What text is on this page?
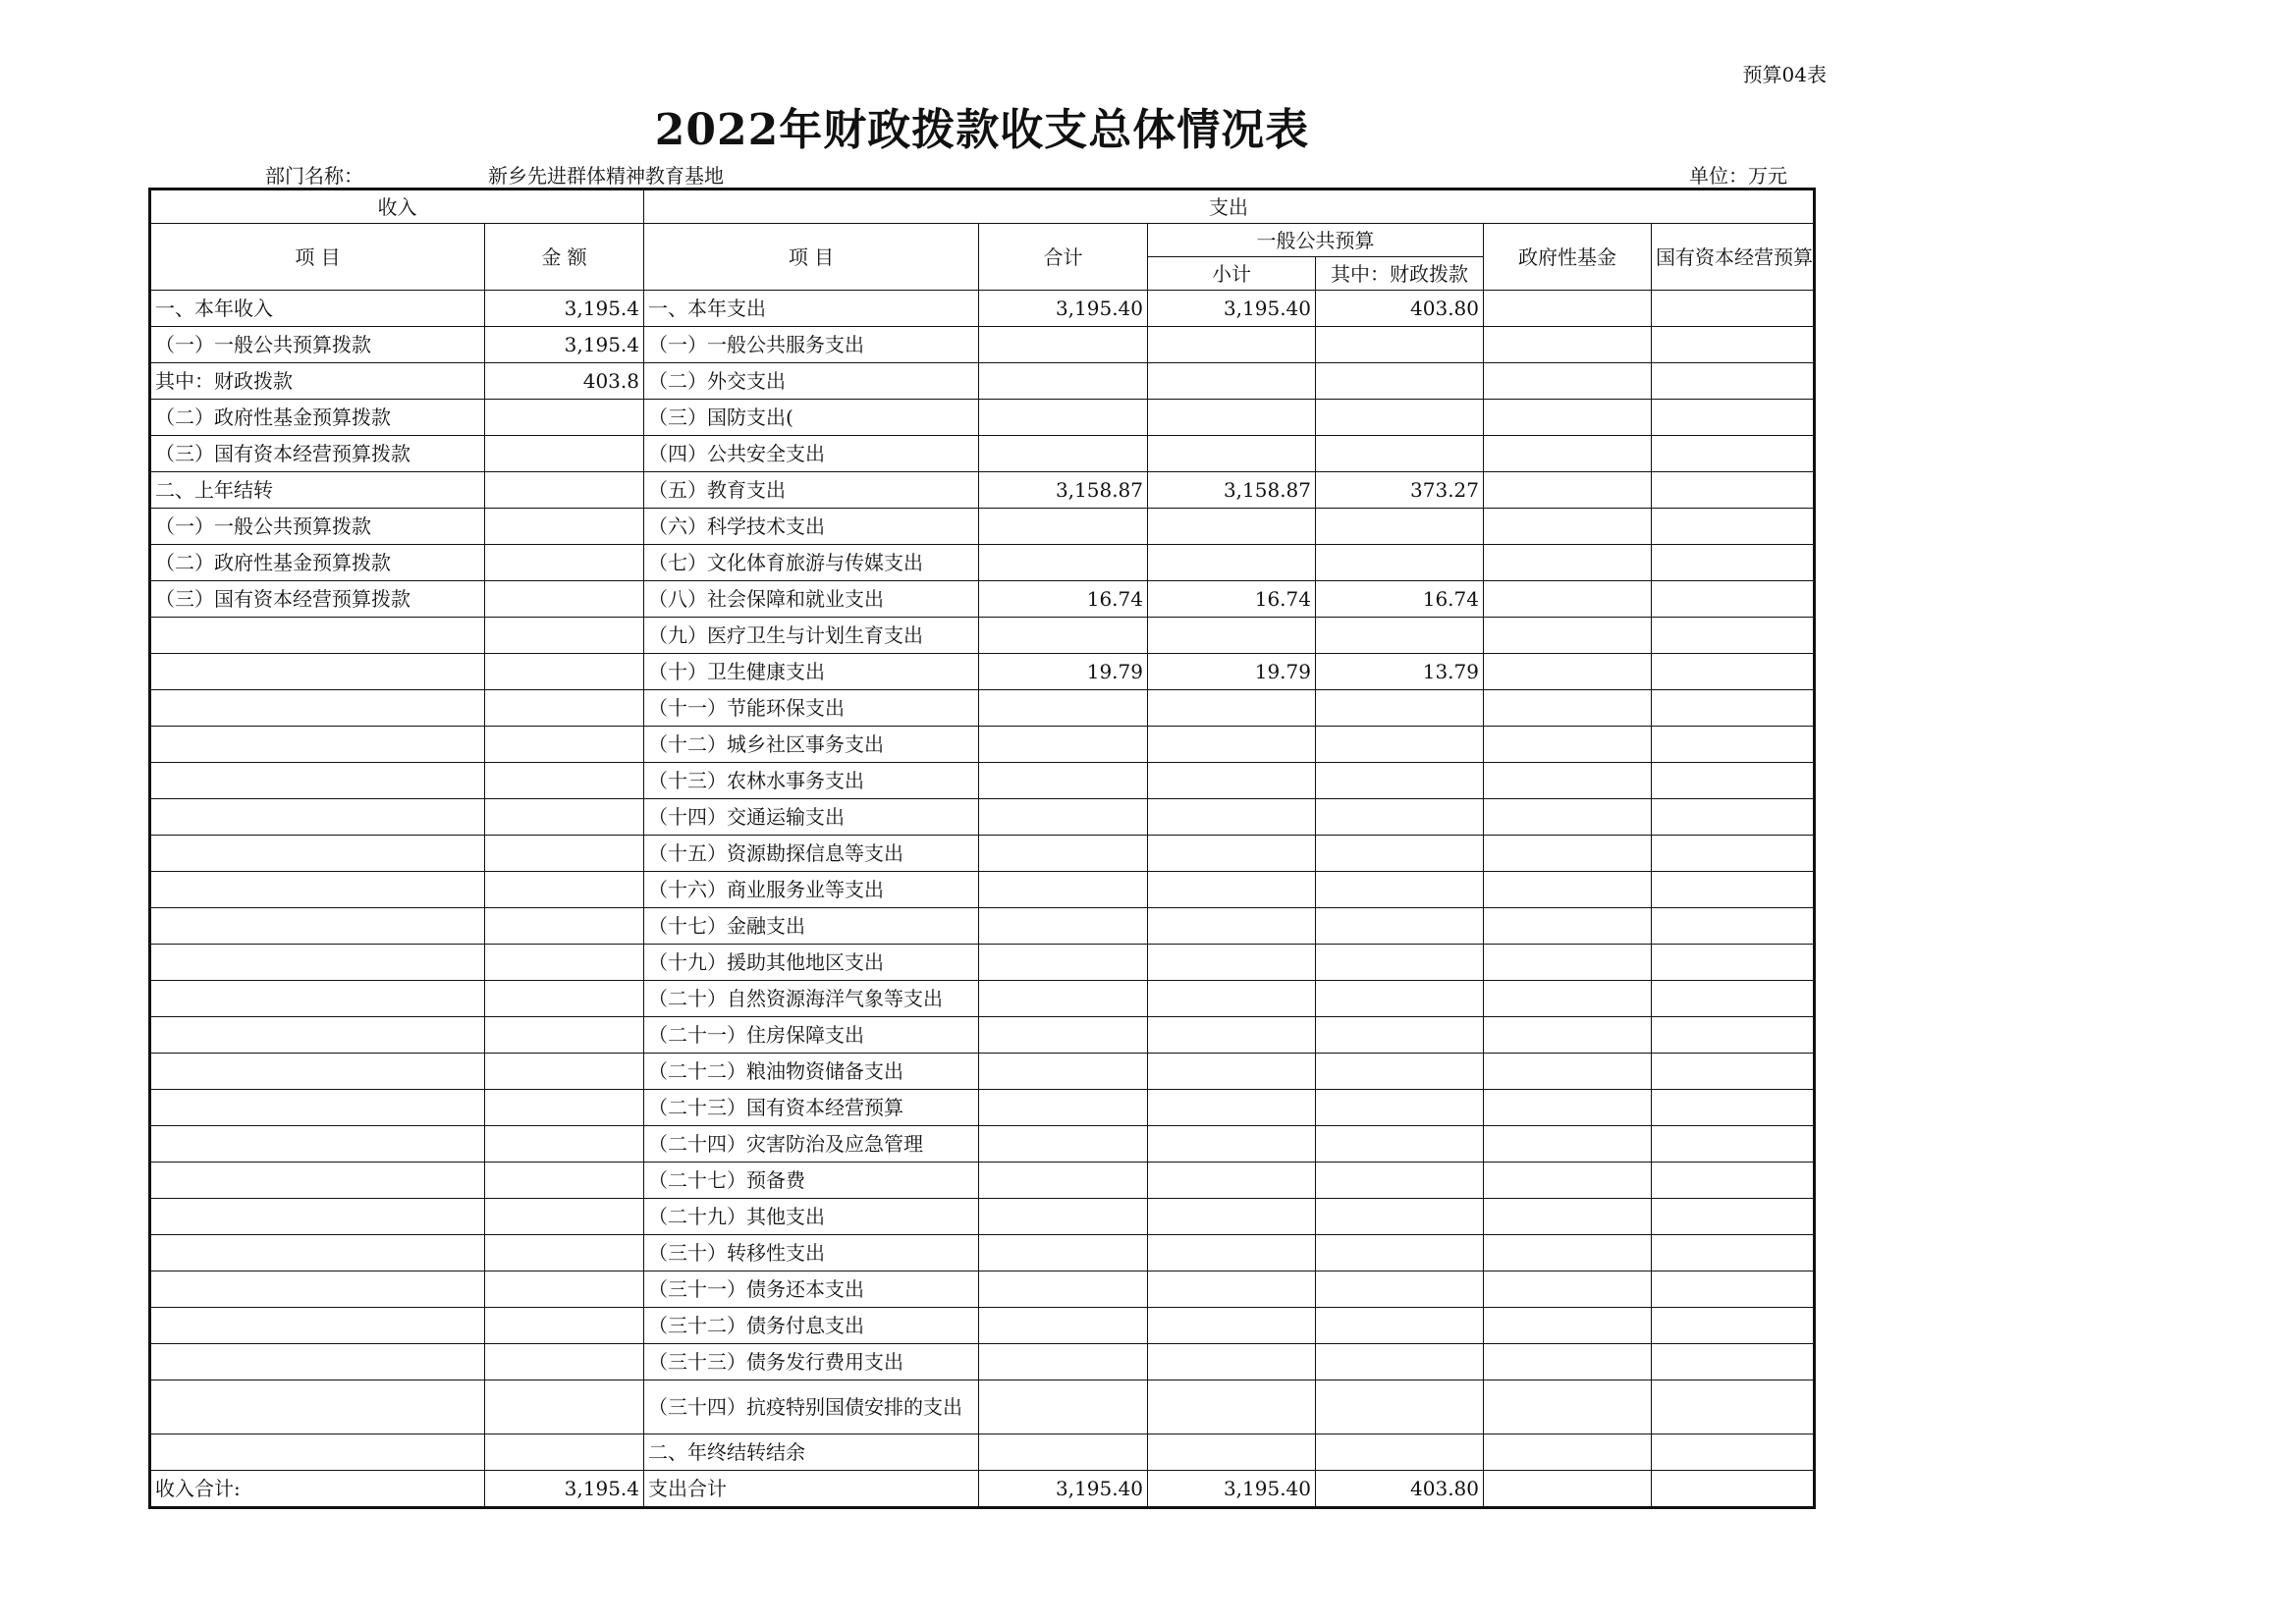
预算04表
2022年财政拨款收支总体情况表
部门名称：	新乡先进群体精神教育基地	单位：万元
收入		支出					
项 目	金 额	项 目	合计	一般公共预算		政府性基金	国有资本经营预算
				小计	其中：财政拨款		
一、本年收入	3,195.4	一、本年支出	3,195.40	3,195.40	403.80		
（一）一般公共预算拨款	3,195.4	（一）一般公共服务支出					
其中：财政拨款	403.8	（二）外交支出					
（二）政府性基金预算拨款		（三）国防支出(					
（三）国有资本经营预算拨款		（四）公共安全支出					
二、上年结转		（五）教育支出	3,158.87	3,158.87	373.27		
（一）一般公共预算拨款		（六）科学技术支出					
（二）政府性基金预算拨款		（七）文化体育旅游与传媒支出					
（三）国有资本经营预算拨款		（八）社会保障和就业支出	16.74	16.74	16.74		
		（九）医疗卫生与计划生育支出					
		（十）卫生健康支出	19.79	19.79	13.79		
		（十一）节能环保支出					
		（十二）城乡社区事务支出					
		（十三）农林水事务支出					
		（十四）交通运输支出					
		（十五）资源勘探信息等支出					
		（十六）商业服务业等支出					
		（十七）金融支出					
		（十九）援助其他地区支出					
		（二十）自然资源海洋气象等支出					
		（二十一）住房保障支出					
		（二十二）粮油物资储备支出					
		（二十三）国有资本经营预算					
		（二十四）灾害防治及应急管理					
		（二十七）预备费					
		（二十九）其他支出					
		（三十）转移性支出					
		（三十一）债务还本支出					
		（三十二）债务付息支出					
		（三十三）债务发行费用支出					
		（三十四）抗疫特别国债安排的支出					
		二、年终结转结余					
收入合计:	3,195.4	支出合计	3,195.40	3,195.40	403.80		
